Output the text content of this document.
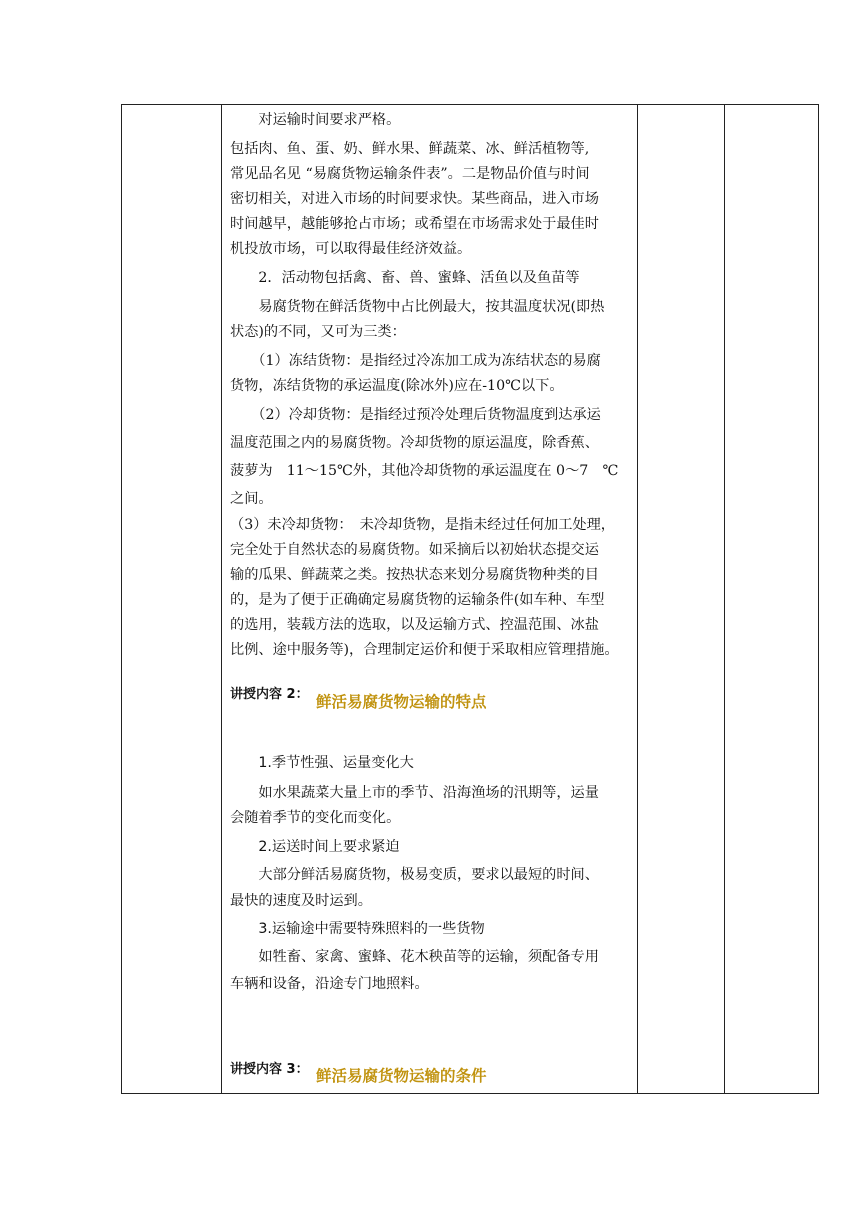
　　对运输时间要求严格。
包括肉、鱼、蛋、奶、鲜水果、鲜蔬菜、冰、鲜活植物等,
常见品名见 “易腐货物运输条件表”。二是物品价值与时间
密切相关，对进入市场的时间要求快。某些商品，进入市场
时间越早，越能够抢占市场；或希望在市场需求处于最佳时
机投放市场，可以取得最佳经济效益。
　　2．活动物包括禽、畜、兽、蜜蜂、活鱼以及鱼苗等
　　易腐货物在鲜活货物中占比例最大，按其温度状况(即热
状态)的不同，又可为三类：
　　（1）冻结货物：是指经过冷冻加工成为冻结状态的易腐
货物，冻结货物的承运温度(除冰外)应在-10℃以下。
　　（2）冷却货物：是指经过预冷处理后货物温度到达承运
温度范围之内的易腐货物。冷却货物的原运温度，除香蕉、
菠萝为　11～15℃外，其他冷却货物的承运温度在 0～7　℃
之间。
（3）未冷却货物：　未冷却货物，是指未经过任何加工处理，
完全处于自然状态的易腐货物。如采摘后以初始状态提交运
输的瓜果、鲜蔬菜之类。按热状态来划分易腐货物种类的目
的，是为了便于正确确定易腐货物的运输条件(如车种、车型
的选用，装载方法的选取，以及运输方式、控温范围、冰盐
比例、途中服务等)，合理制定运价和便于采取相应管理措施。
讲授内容 2： 鲜活易腐货物运输的特点
　　1.季节性强、运量变化大
　　如水果蔬菜大量上市的季节、沿海渔场的汛期等，运量
会随着季节的变化而变化。
　　2.运送时间上要求紧迫
　　大部分鲜活易腐货物，极易变质，要求以最短的时间、
最快的速度及时运到。
　　3.运输途中需要特殊照料的一些货物
　　如牲畜、家禽、蜜蜂、花木秧苗等的运输，须配备专用
车辆和设备，沿途专门地照料。
讲授内容 3： 鲜活易腐货物运输的条件
